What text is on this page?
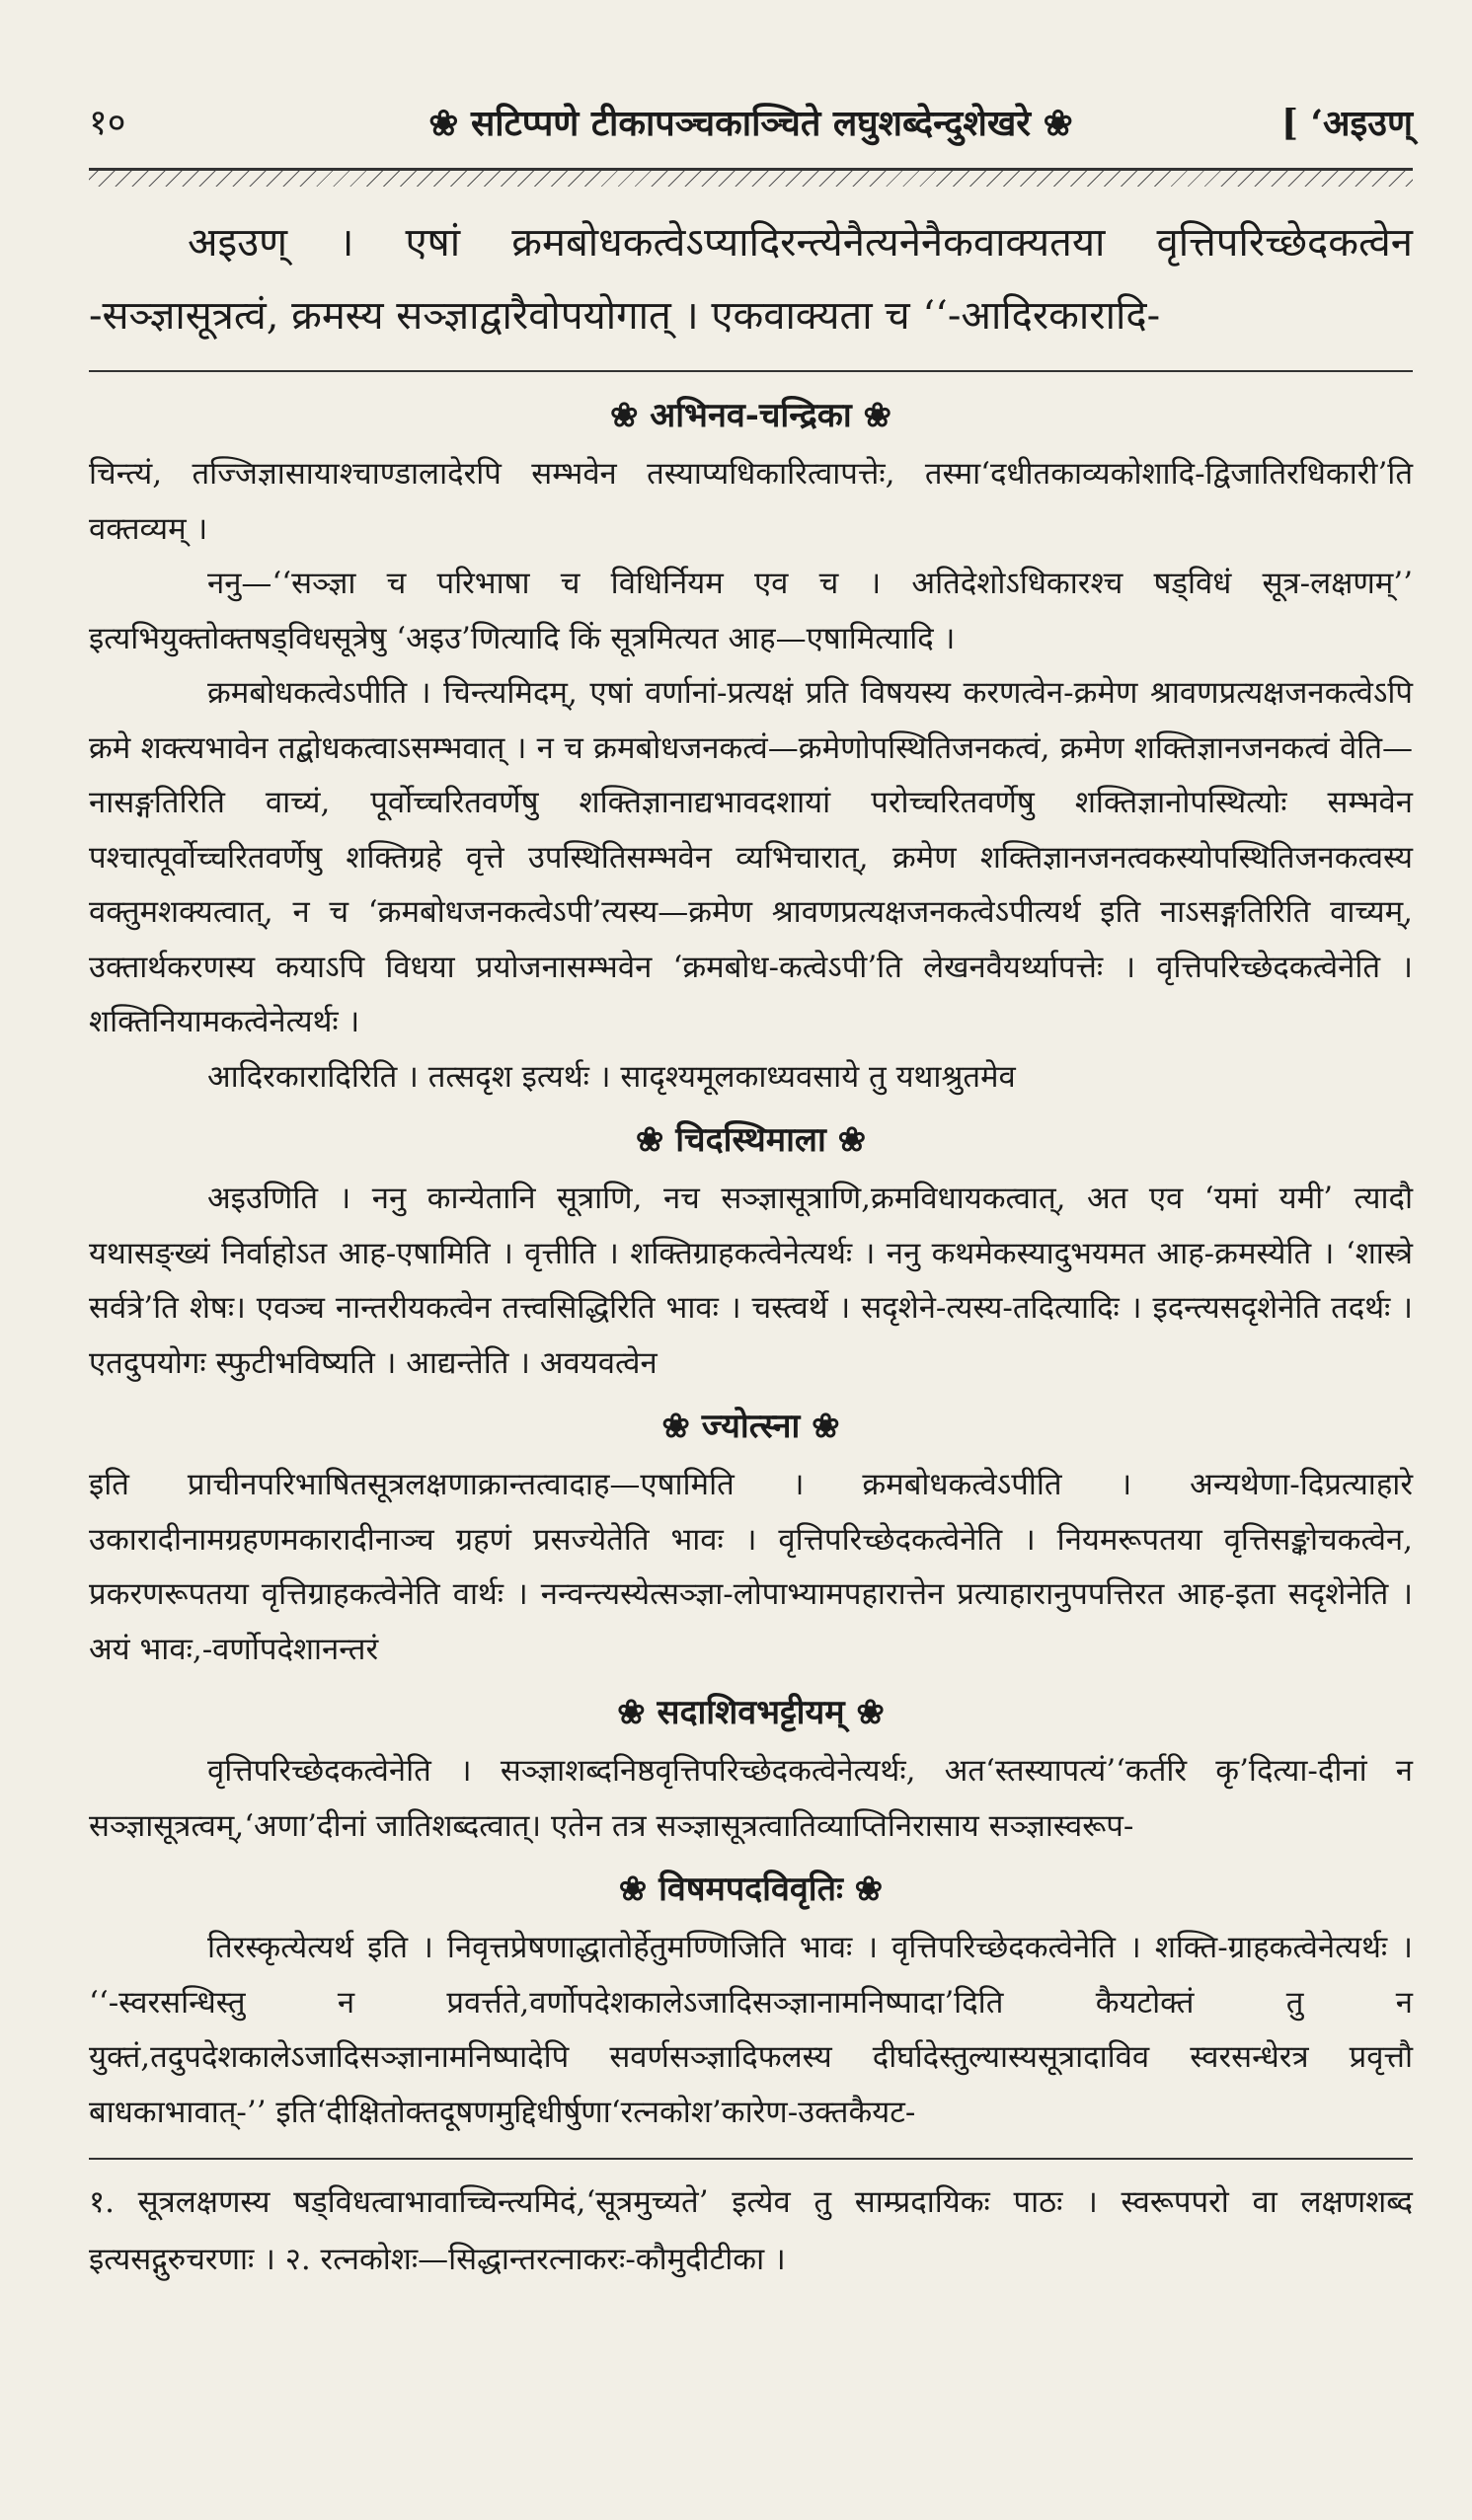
१०	❀ सटिप्पणे टीकापञ्चकाञ्चिते लघुशब्देन्दुशेखरे ❀	[ ‘अइउण्

अइउण् । एषां क्रमबोधकत्वेऽप्यादिरन्त्येनैत्यनेनैकवाक्यतया वृत्तिपरिच्छेदकत्वेन -सञ्ज्ञासूत्रत्वं, क्रमस्य सञ्ज्ञाद्वारैवोपयोगात् । एकवाक्यता च ‘‘-आदिरकारादि-

❀ अभिनव-चन्द्रिका ❀

चिन्त्यं, तज्जिज्ञासायाश्चाण्डालादेरपि सम्भवेन तस्याप्यधिकारित्वापत्तेः, तस्मा‘दधीतकाव्यकोशादि-द्विजातिरधिकारी’ति वक्तव्यम् ।

ननु—‘‘सञ्ज्ञा च परिभाषा च विधिर्नियम एव च । अतिदेशोऽधिकारश्च षड्विधं सूत्र-लक्षणम्’’ इत्यभियुक्तोक्तषड्विधसूत्रेषु ‘अइउ’णित्यादि किं सूत्रमित्यत आह—एषामित्यादि ।

क्रमबोधकत्वेऽपीति । चिन्त्यमिदम्, एषां वर्णानां-प्रत्यक्षं प्रति विषयस्य करणत्वेन-क्रमेण श्रावणप्रत्यक्षजनकत्वेऽपि क्रमे शक्त्यभावेन तद्बोधकत्वाऽसम्भवात् । न च क्रमबोधजनकत्वं—क्रमेणोपस्थितिजनकत्वं, क्रमेण शक्तिज्ञानजनकत्वं वेति—नासङ्गतिरिति वाच्यं, पूर्वोच्चरितवर्णेषु शक्तिज्ञानाद्यभावदशायां परोच्चरितवर्णेषु शक्तिज्ञानोपस्थित्योः सम्भवेन पश्चात्पूर्वोच्चरितवर्णेषु शक्तिग्रहे वृत्ते उपस्थितिसम्भवेन व्यभिचारात्, क्रमेण शक्तिज्ञानजनत्वकस्योपस्थितिजनकत्वस्य वक्तुमशक्यत्वात्, न च ‘क्रमबोधजनकत्वेऽपी’त्यस्य—क्रमेण श्रावणप्रत्यक्षजनकत्वेऽपीत्यर्थ इति नाऽसङ्गतिरिति वाच्यम्, उक्तार्थकरणस्य कयाऽपि विधया प्रयोजनासम्भवेन ‘क्रमबोध-कत्वेऽपी’ति लेखनवैयर्थ्यापत्तेः । वृत्तिपरिच्छेदकत्वेनेति । शक्तिनियामकत्वेनेत्यर्थः ।

आदिरकारादिरिति । तत्सदृश इत्यर्थः । सादृश्यमूलकाध्यवसाये तु यथाश्रुतमेव

❀ चिदस्थिमाला ❀

अइउणिति । ननु कान्येतानि सूत्राणि, नच सञ्ज्ञासूत्राणि,क्रमविधायकत्वात्, अत एव ‘यमां यमी’ त्यादौ यथासङ्ख्यं निर्वाहोऽत आह-एषामिति । वृत्तीति । शक्तिग्राहकत्वेनेत्यर्थः । ननु कथमेकस्यादुभयमत आह-क्रमस्येति । ‘शास्त्रे सर्वत्रे’ति शेषः। एवञ्च नान्तरीयकत्वेन तत्त्वसिद्धिरिति भावः । चस्त्वर्थे । सदृशेने-त्यस्य-तदित्यादिः । इदन्त्यसदृशेनेति तदर्थः । एतदुपयोगः स्फुटीभविष्यति । आद्यन्तेति । अवयवत्वेन

❀ ज्योत्स्ना ❀

इति प्राचीनपरिभाषितसूत्रलक्षणाक्रान्तत्वादाह—एषामिति । क्रमबोधकत्वेऽपीति । अन्यथेणा-दिप्रत्याहारे उकारादीनामग्रहणमकारादीनाञ्च ग्रहणं प्रसज्येतेति भावः । वृत्तिपरिच्छेदकत्वेनेति । नियमरूपतया वृत्तिसङ्कोचकत्वेन, प्रकरणरूपतया वृत्तिग्राहकत्वेनेति वार्थः । नन्वन्त्यस्येत्सञ्ज्ञा-लोपाभ्यामपहारात्तेन प्रत्याहारानुपपत्तिरत आह-इता सदृशेनेति । अयं भावः,-वर्णोपदेशानन्तरं

❀ सदाशिवभट्टीयम् ❀

वृत्तिपरिच्छेदकत्वेनेति । सञ्ज्ञाशब्दनिष्ठवृत्तिपरिच्छेदकत्वेनेत्यर्थः, अत‘स्तस्यापत्यं’‘कर्तरि कृ’दित्या-दीनां न सञ्ज्ञासूत्रत्वम्,‘अणा’दीनां जातिशब्दत्वात्। एतेन तत्र सञ्ज्ञासूत्रत्वातिव्याप्तिनिरासाय सञ्ज्ञास्वरूप-

❀ विषमपदविवृतिः ❀

तिरस्कृत्येत्यर्थ इति । निवृत्तप्रेषणाद्धातोर्हेतुमण्णिजिति भावः । वृत्तिपरिच्छेदकत्वेनेति । शक्ति-ग्राहकत्वेनेत्यर्थः । ‘‘-स्वरसन्धिस्तु न प्रवर्त्तते,वर्णोपदेशकालेऽजादिसञ्ज्ञानामनिष्पादा’दिति कैयटोक्तं तु न युक्तं,तदुपदेशकालेऽजादिसञ्ज्ञानामनिष्पादेपि सवर्णसञ्ज्ञादिफलस्य दीर्घादेस्तुल्यास्यसूत्रादाविव स्वरसन्धेरत्र प्रवृत्तौ बाधकाभावात्-’’ इति‘दीक्षितोक्तदूषणमुद्दिधीर्षुणा‘रत्नकोश’कारेण-उक्तकैयट-

१. सूत्रलक्षणस्य षड्विधत्वाभावाच्चिन्त्यमिदं,‘सूत्रमुच्यते’ इत्येव तु साम्प्रदायिकः पाठः । स्वरूपपरो वा लक्षणशब्द इत्यसद्गुरुचरणाः । २. रत्नकोशः—सिद्धान्तरत्नाकरः-कौमुदीटीका ।
